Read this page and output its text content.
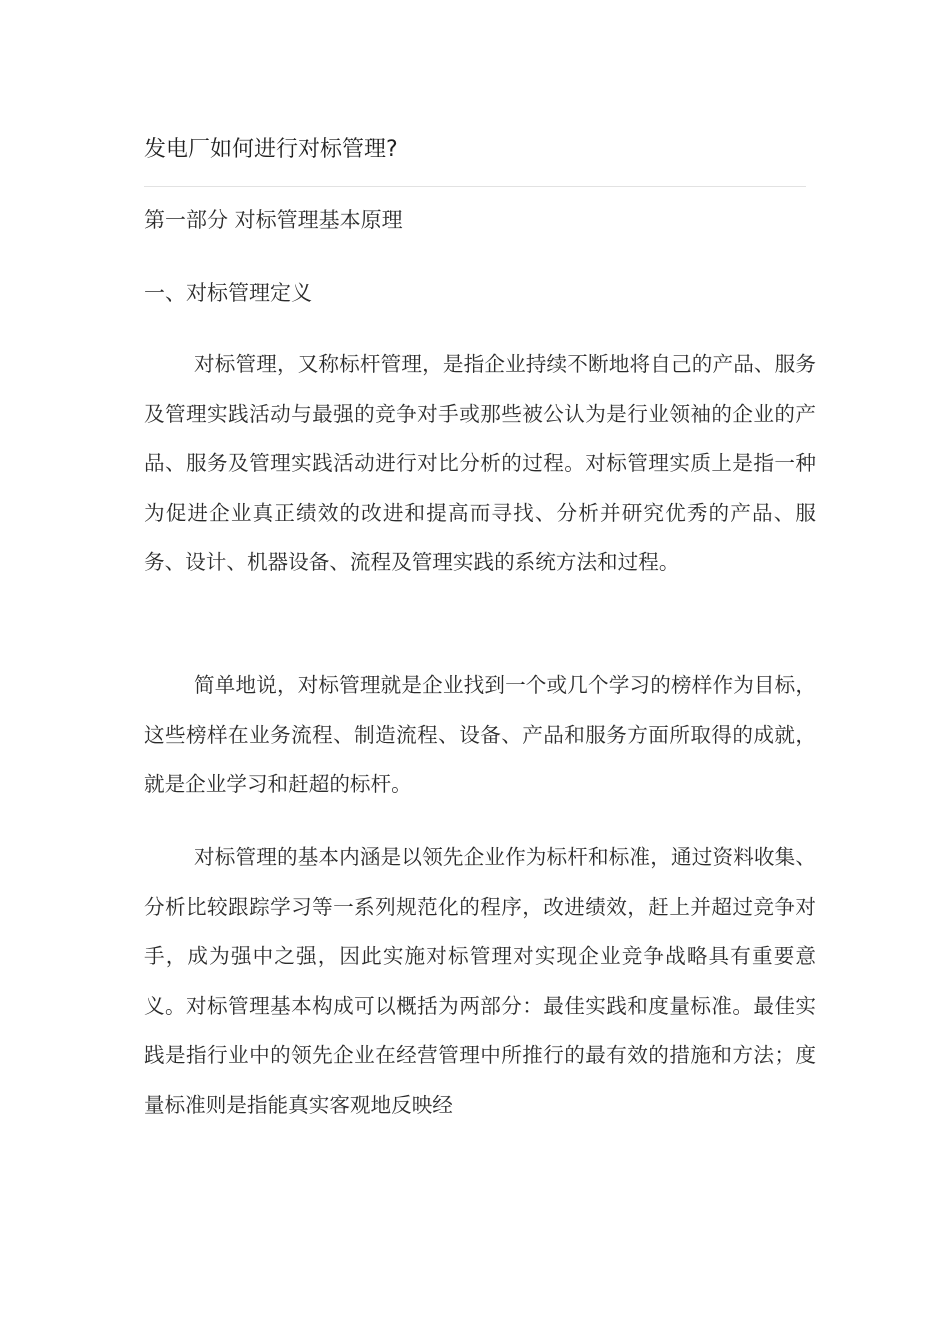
发电厂如何进行对标管理?
第一部分 对标管理基本原理
一、对标管理定义

对标管理，又称标杆管理，是指企业持续不断地将自己的产品、服务及管理实践活动与最强的竞争对手或那些被公认为是行业领袖的企业的产品、服务及管理实践活动进行对比分析的过程。对标管理实质上是指一种为促进企业真正绩效的改进和提高而寻找、分析并研究优秀的产品、服务、设计、机器设备、流程及管理实践的系统方法和过程。

简单地说，对标管理就是企业找到一个或几个学习的榜样作为目标，这些榜样在业务流程、制造流程、设备、产品和服务方面所取得的成就，就是企业学习和赶超的标杆。

对标管理的基本内涵是以领先企业作为标杆和标准，通过资料收集、分析比较跟踪学习等一系列规范化的程序，改进绩效，赶上并超过竞争对手，成为强中之强，因此实施对标管理对实现企业竞争战略具有重要意义。对标管理基本构成可以概括为两部分：最佳实践和度量标准。最佳实践是指行业中的领先企业在经营管理中所推行的最有效的措施和方法；度量标准则是指能真实客观地反映经
